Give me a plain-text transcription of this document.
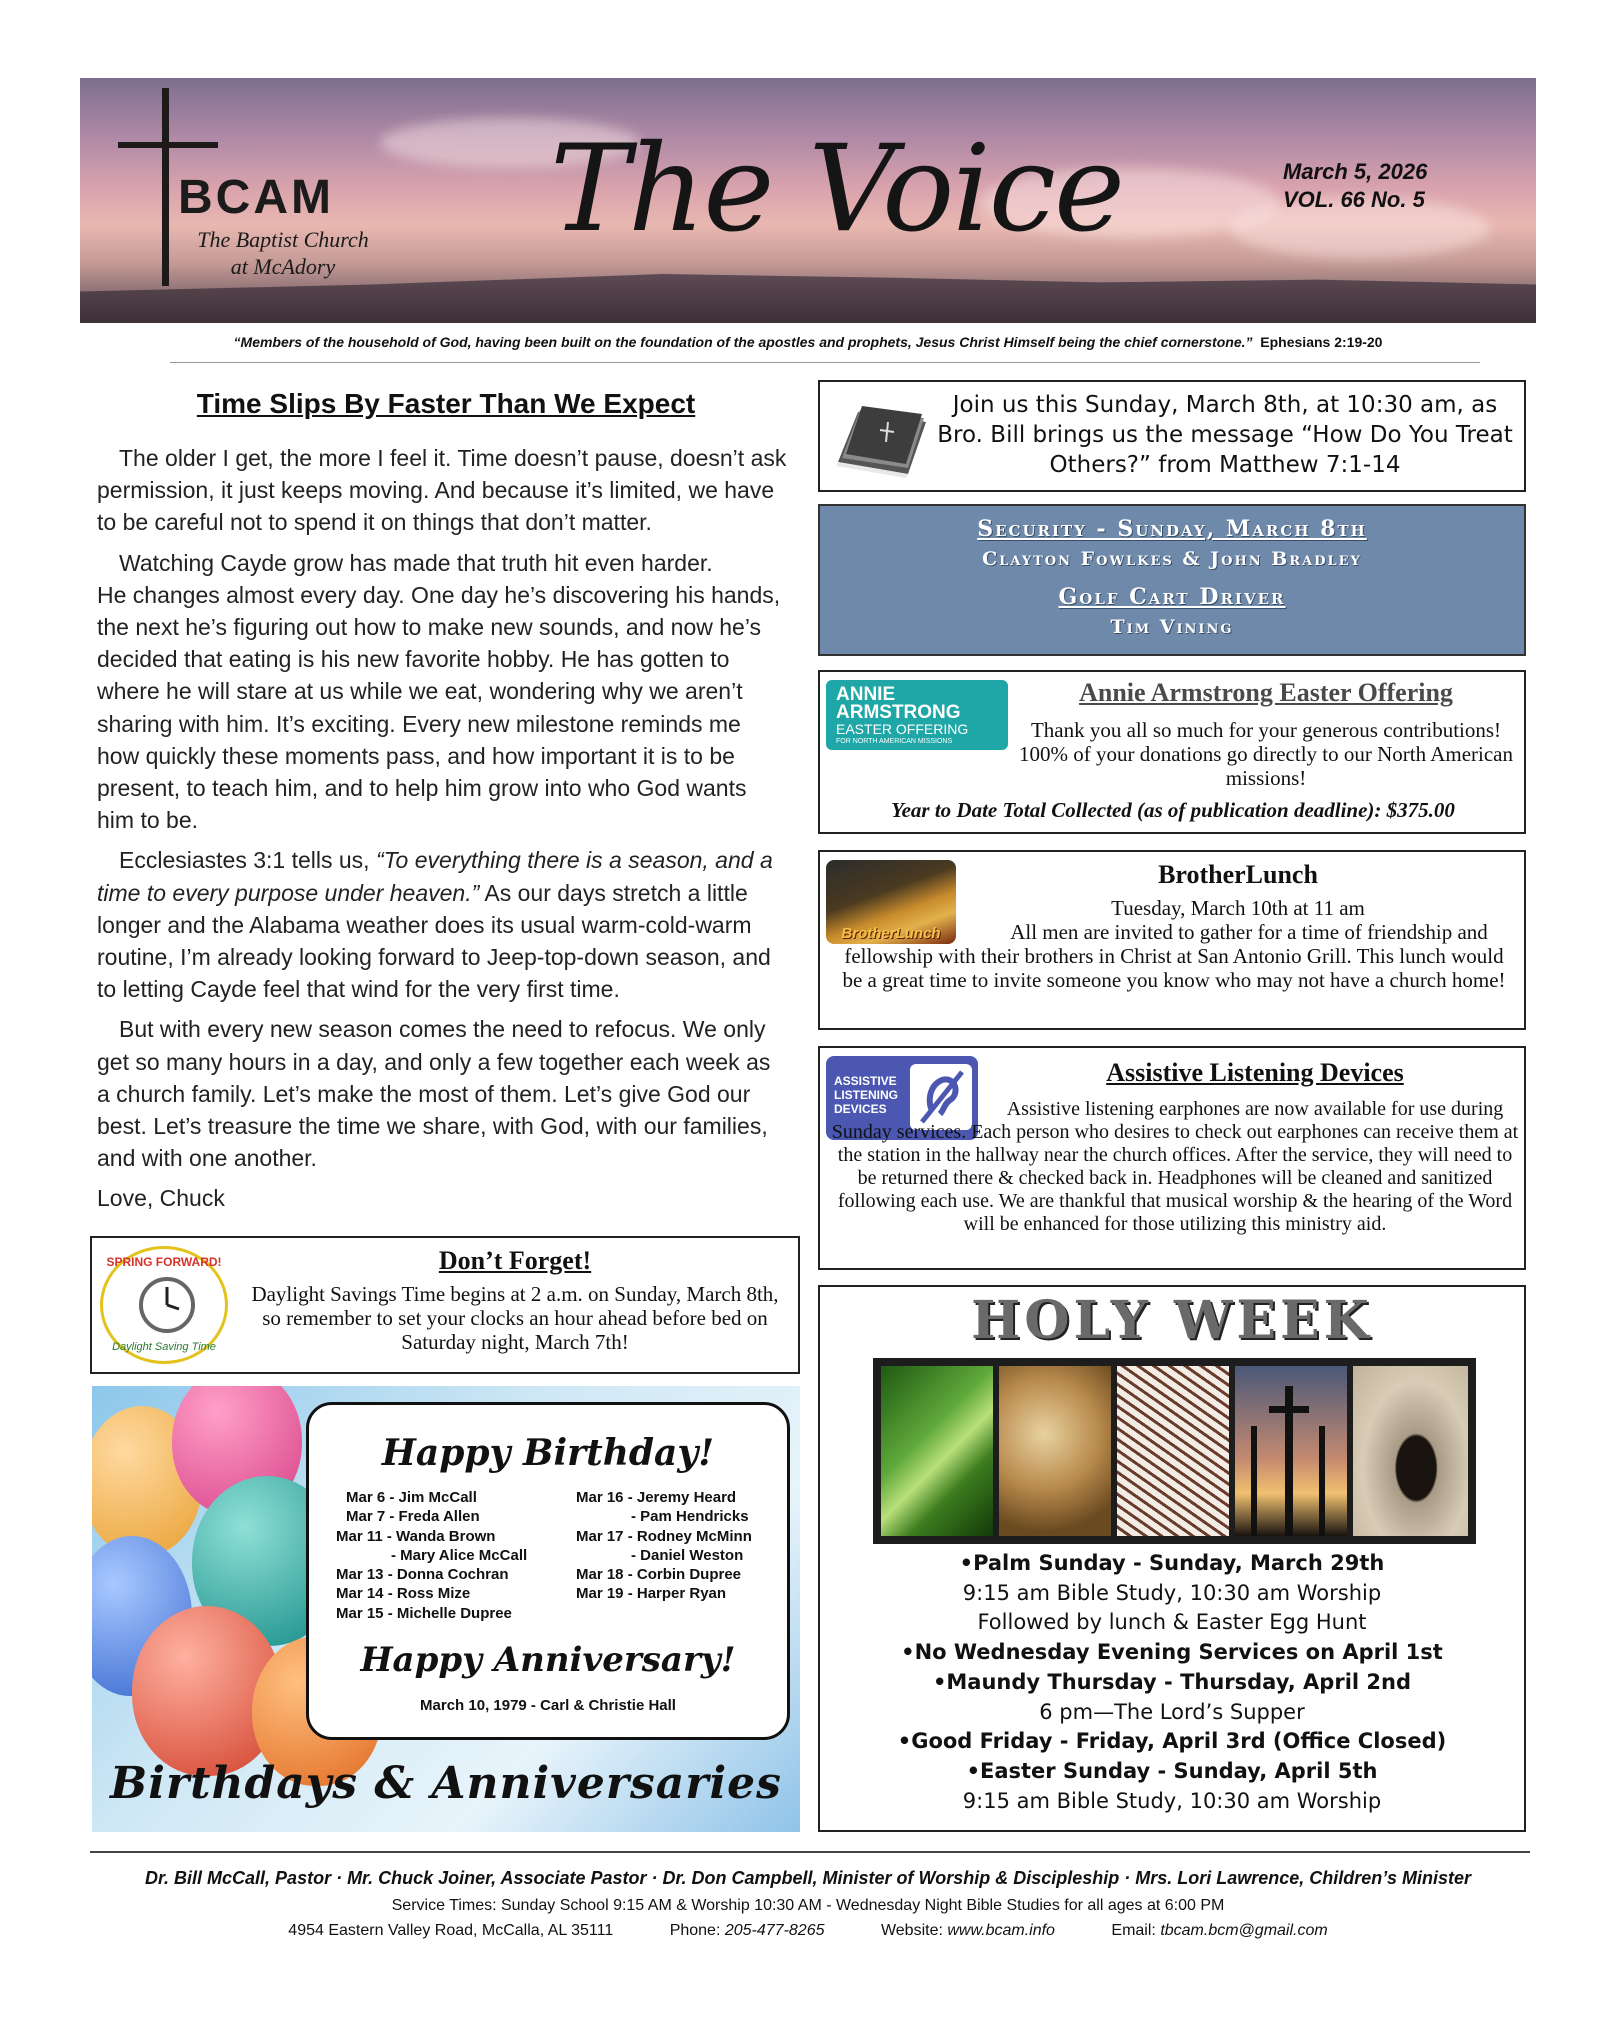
BCAM
The Baptist Church
at McAdory
The Voice	March 5, 2026
VOL. 66 No. 5
“Members of the household of God, having been built on the foundation of the apostles and prophets, Jesus Christ Himself being the chief cornerstone.” Ephesians 2:19-20
Time Slips By Faster Than We Expect

The older I get, the more I feel it. Time doesn’t pause, doesn’t ask permission, it just keeps moving. And because it’s limited, we have to be careful not to spend it on things that don’t matter.

Watching Cayde grow has made that truth hit even harder.
He changes almost every day. One day he’s discovering his hands, the next he’s figuring out how to make new sounds, and now he’s decided that eating is his new favorite hobby. He has gotten to where he will stare at us while we eat, wondering why we aren’t sharing with him. It’s exciting. Every new milestone reminds me how quickly these moments pass, and how important it is to be present, to teach him, and to help him grow into who God wants him to be.

Ecclesiastes 3:1 tells us, “To everything there is a season, and a time to every purpose under heaven.” As our days stretch a little longer and the Alabama weather does its usual warm-cold-warm routine, I’m already looking forward to Jeep-top-down season, and to letting Cayde feel that wind for the very first time.

But with every new season comes the need to refocus. We only get so many hours in a day, and only a few together each week as a church family. Let’s make the most of them. Let’s give God our best. Let’s treasure the time we share, with God, with our families, and with one another.

Love, Chuck

Join us this Sunday, March 8th, at 10:30 am, as Bro. Bill brings us the message “How Do You Treat Others?” from Matthew 7:1-14
Security - Sunday, March 8th
Clayton Fowlkes & John Bradley
Golf Cart Driver
Tim Vining
ANNIE
ARMSTRONG
EASTER OFFERING
FOR NORTH AMERICAN MISSIONS
Annie Armstrong Easter Offering
Thank you all so much for your generous contributions! 100% of your donations go directly to our North American missions!
Year to Date Total Collected (as of publication deadline): $375.00
BrotherLunch
BrotherLunch
Tuesday, March 10th at 11 am
All men are invited to gather for a time of friendship and fellowship with their brothers in Christ at San Antonio Grill. This lunch would be a great time to invite someone you know who may not have a church home!
ASSISTIVE
LISTENING
DEVICES
Assistive Listening Devices
Assistive listening earphones are now available for use during Sunday services. Each person who desires to check out earphones can receive them at the station in the hallway near the church offices. After the service, they will need to be returned there & checked back in. Headphones will be cleaned and sanitized following each use. We are thankful that musical worship & the hearing of the Word will be enhanced for those utilizing this ministry aid.
SPRING FORWARD!
Daylight Saving Time
Don’t Forget!
Daylight Savings Time begins at 2 a.m. on Sunday, March 8th, so remember to set your clocks an hour ahead before bed on Saturday night, March 7th!
Happy Birthday!
Mar 6 - Jim McCall
Mar 7 - Freda Allen
Mar 11 - Wanda Brown
- Mary Alice McCall
Mar 13 - Donna Cochran
Mar 14 - Ross Mize
Mar 15 - Michelle Dupree
Mar 16 - Jeremy Heard
- Pam Hendricks
Mar 17 - Rodney McMinn
- Daniel Weston
Mar 18 - Corbin Dupree
Mar 19 - Harper Ryan
Happy Anniversary!
March 10, 1979 - Carl & Christie Hall
Birthdays & Anniversaries
HOLY WEEK
•Palm Sunday - Sunday, March 29th
9:15 am Bible Study, 10:30 am Worship
Followed by lunch & Easter Egg Hunt
•No Wednesday Evening Services on April 1st
•Maundy Thursday - Thursday, April 2nd
6 pm—The Lord’s Supper
•Good Friday - Friday, April 3rd (Office Closed)
•Easter Sunday - Sunday, April 5th
9:15 am Bible Study, 10:30 am Worship
Dr. Bill McCall, Pastor · Mr. Chuck Joiner, Associate Pastor · Dr. Don Campbell, Minister of Worship & Discipleship · Mrs. Lori Lawrence, Children’s Minister
Service Times: Sunday School 9:15 AM & Worship 10:30 AM - Wednesday Night Bible Studies for all ages at 6:00 PM
4954 Eastern Valley Road, McCalla, AL 35111	Phone: 205-477-8265	Website: www.bcam.info	Email: tbcam.bcm@gmail.com
